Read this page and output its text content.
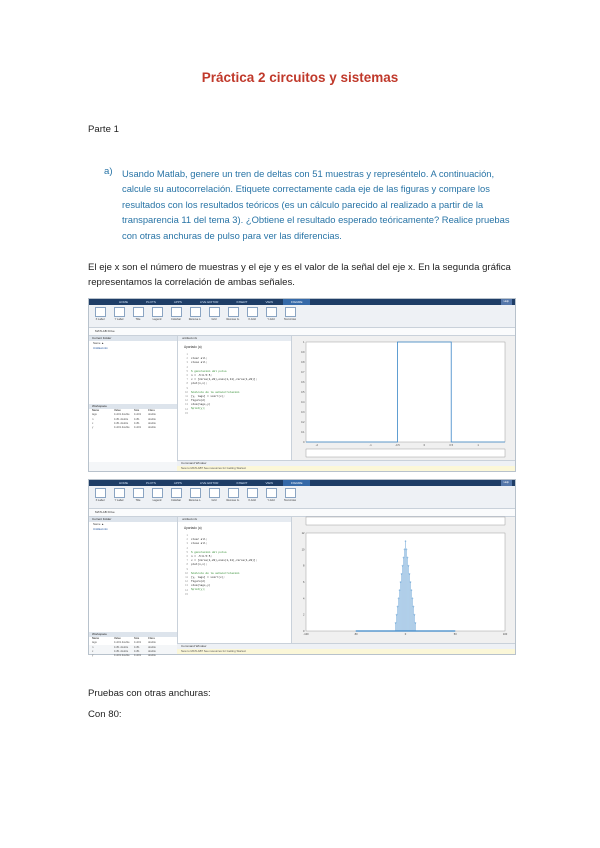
Práctica 2 circuitos y sistemas
Parte 1
a) Usando Matlab, genere un tren de deltas con 51 muestras y represéntelo. A continuación, calcule su autocorrelación. Etiquete correctamente cada eje de las figuras y compare los resultados con los resultados teóricos (es un cálculo parecido al realizado a partir de la transparencia 11 del tema 3). ¿Obtiene el resultado esperado teóricamente? Realice pruebas con otras anchuras de pulso para ver las diferencias.
El eje x son el número de muestras y el eje y es el valor de la señal del eje x. En la segunda gráfica representamos la correlación de ambas señales.
HOME	PLOTS	APPS	LIVE EDITOR	INSERT	VIEW	FIGURE	Help
X Label	Y Label	Title	Legend	Colorbar	Remove L.	Grid	Remove G.	X-Grid	Y-Grid	Text Arrow
MATLAB Drive
Current Folder
Name ▲
Untitled.mlx
Workspace
Name	Value	Size	Class
lags	1x101 double	1x101	double
n	1x51 double	1x51	double
x	1x51 double	1x51	double
y	1x101 double	1x101	double
untitled.mlx
Apartado (a)
1
2
3
4
5
6
7
8
9
10
11
12
13
14
15
clear all;
close all;
% generación del pulso
n = -5:0.5:5;
x = [zeros(1,20),ones(1,11),zeros(1,20)];
plot(n,x);
%cálculo de la autocorrelación
[y, lags] = xcorr(x);
figure(2)
stem(lags,y)
%plot(y);
-2	-1	-0.5	0	0.5	1
1
0.9
0.8
0.7
0.6
0.5
0.4
0.3
0.2
0.1
0
Command Window
New to MATLAB? See resources for Getting Started.
HOME	PLOTS	APPS	LIVE EDITOR	INSERT	VIEW	FIGURE	Help
X Label	Y Label	Title	Legend	Colorbar	Remove L.	Grid	Remove G.	X-Grid	Y-Grid	Text Arrow
MATLAB Drive
Current Folder
Name ▲
Untitled.mlx
Workspace
Name	Value	Size	Class
lags	1x101 double	1x101	double
n	1x51 double	1x51	double
x	1x51 double	1x51	double
y	1x101 double	1x101	double
untitled.mlx
Apartado (a)
1
2
3
4
5
6
7
8
9
10
11
12
13
14
15
clear all;
close all;
% generación del pulso
n = -5:0.5:5;
x = [zeros(1,20),ones(1,11),zeros(1,20)];
plot(n,x);
%cálculo de la autocorrelación
[y, lags] = xcorr(x);
figure(2)
stem(lags,y)
%plot(y);
-100	-50	0	50	100
12
10
8
6
4
2
0
Command Window
New to MATLAB? See resources for Getting Started.
Pruebas con otras anchuras:
Con 80:
